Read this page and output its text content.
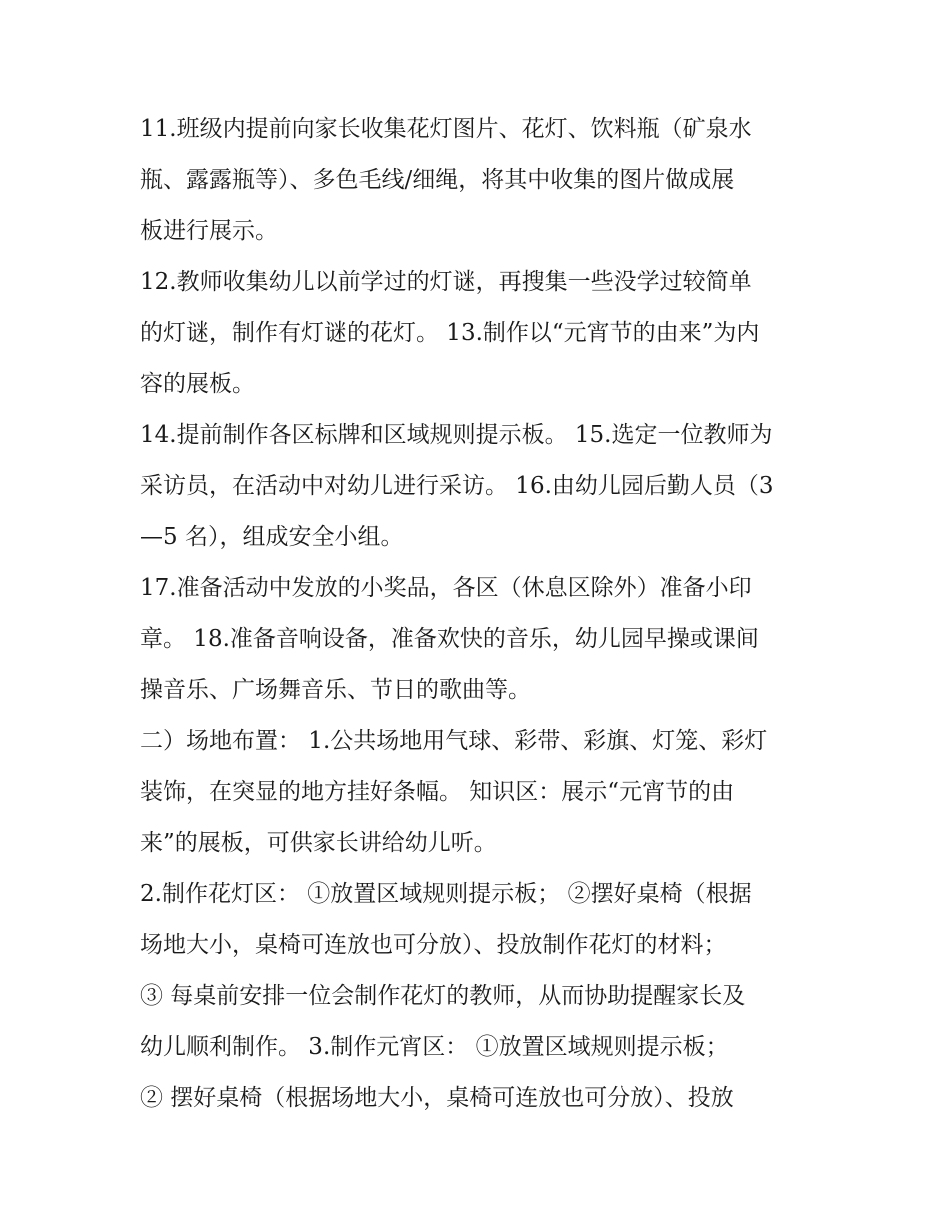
11.班级内提前向家长收集花灯图片、花灯、饮料瓶（矿泉水
瓶、露露瓶等）、多色毛线/细绳，将其中收集的图片做成展
板进行展示。
12.教师收集幼儿以前学过的灯谜，再搜集一些没学过较简单
的灯谜，制作有灯谜的花灯。 13.制作以“元宵节的由来”为内
容的展板。
14.提前制作各区标牌和区域规则提示板。 15.选定一位教师为
采访员，在活动中对幼儿进行采访。 16.由幼儿园后勤人员（3
—5 名），组成安全小组。
17.准备活动中发放的小奖品，各区（休息区除外）准备小印
章。 18.准备音响设备，准备欢快的音乐，幼儿园早操或课间
操音乐、广场舞音乐、节日的歌曲等。
二）场地布置： 1.公共场地用气球、彩带、彩旗、灯笼、彩灯
装饰，在突显的地方挂好条幅。 知识区：展示“元宵节的由
来”的展板，可供家长讲给幼儿听。
2.制作花灯区： ①放置区域规则提示板； ②摆好桌椅（根据
场地大小，桌椅可连放也可分放）、投放制作花灯的材料；
③ 每桌前安排一位会制作花灯的教师，从而协助提醒家长及
幼儿顺利制作。 3.制作元宵区： ①放置区域规则提示板；
② 摆好桌椅（根据场地大小，桌椅可连放也可分放）、投放
